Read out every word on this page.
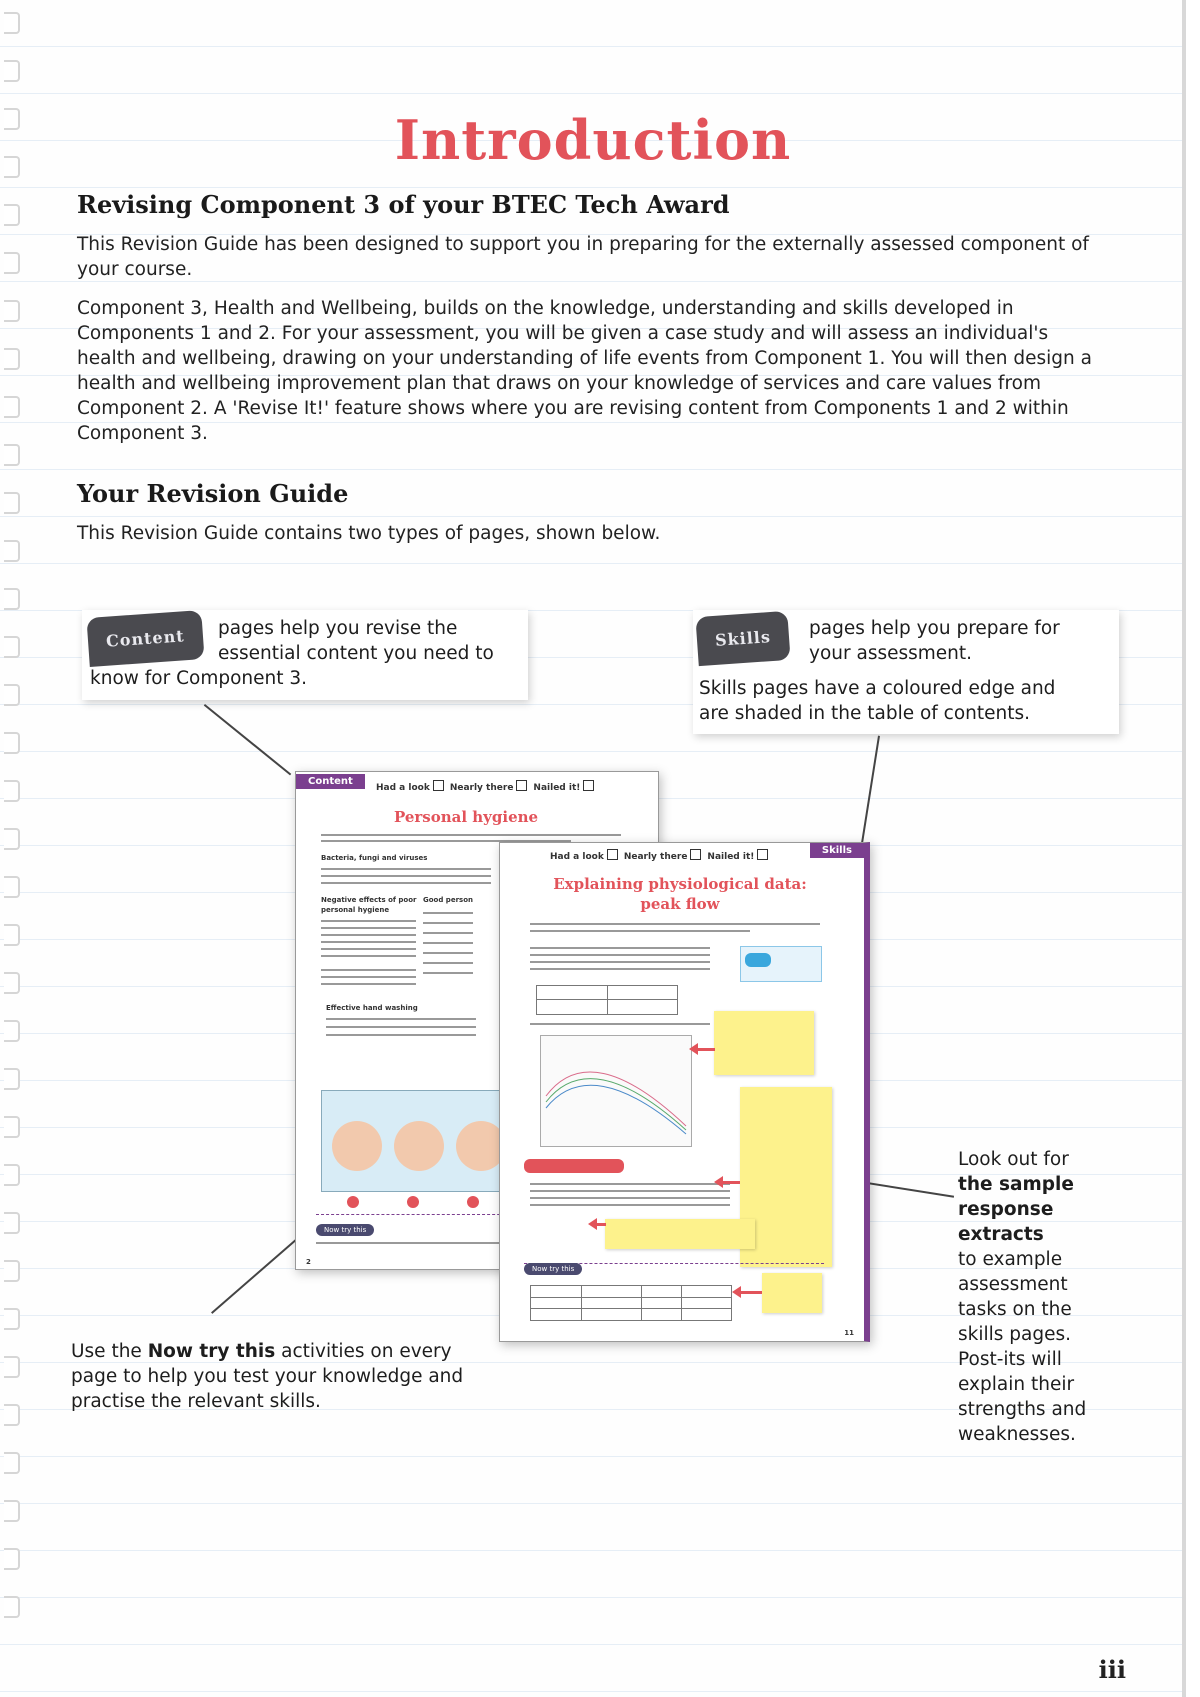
Introduction
Revising Component 3 of your BTEC Tech Award
This Revision Guide has been designed to support you in preparing for the externally assessed component of your course.
Component 3, Health and Wellbeing, builds on the knowledge, understanding and skills developed in Components 1 and 2. For your assessment, you will be given a case study and will assess an individual's health and wellbeing, drawing on your understanding of life events from Component 1. You will then design a health and wellbeing improvement plan that draws on your knowledge of services and care values from Component 2. A 'Revise It!' feature shows where you are revising content from Components 1 and 2 within Component 3.
Your Revision Guide
This Revision Guide contains two types of pages, shown below.
Content	pages help you revise the
essential content you need to
know for Component 3.
Skills	pages help you prepare for
your assessment.
Skills pages have a coloured edge and
are shaded in the table of contents.
Content
Had a look Nearly there Nailed it!
Personal hygiene
Bacteria, fungi and viruses
Negative effects of poor
personal hygiene
Good person
Effective hand washing
Now try this
2
Skills
Had a look Nearly there Nailed it!
Explaining physiological data:
peak flow
Now try this
11
Use the Now try this activities on every page to help you test your knowledge and practise the relevant skills.
Look out for
the sample
response
extracts
to example
assessment
tasks on the
skills pages.
Post-its will
explain their
strengths and
weaknesses.
iii
